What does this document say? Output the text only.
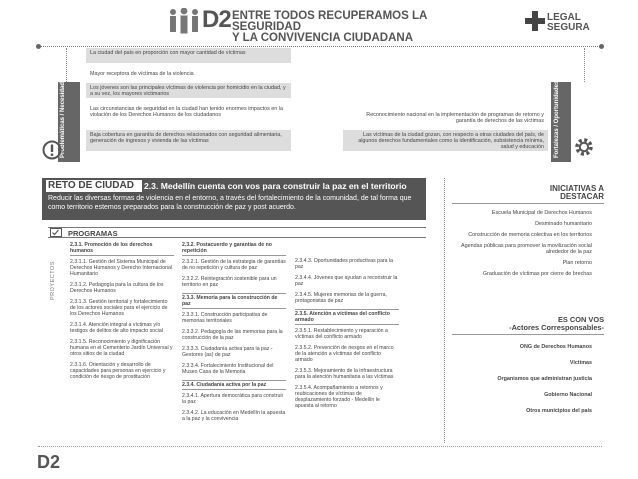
D2 ENTRE TODOS RECUPERAMOS LA SEGURIDAD
Y LA CONVIVENCIA CIUDADANA
LEGAL
SEGURA
La ciudad del país en proporción con mayor cantidad de víctimas
Mayor receptora de víctimas de la violencia
Los jóvenes son las principales víctimas de violencia por homicidio en la ciudad, y a su vez, los mayores victimarios
Las circunstancias de seguridad en la ciudad han tenido enormes impactos en la violación de los Derechos Humanos de los ciudadanos
Baja cobertura en garantía de derechos relacionados con seguridad alimentaria, generación de ingresos y vivienda de las víctimas
Problemáticas / Necesidades	Reconocimiento nacional en la implementación de programas de retorno y garantía de derechos de las víctimas
Las víctimas de la ciudad gozan, con respecto a otras ciudades del país, de algunos derechos fundamentales como la identificación, subsistencia mínima, salud y educación	Fortalezas / Oportunidades
RETO DE CIUDAD	2.3. Medellín cuenta con vos para construir la paz en el territorio
Reducir las diversas formas de violencia en el entorno, a través del fortalecimiento de la comunidad, de tal forma que como territorio estemos preparados para la construcción de paz y post acuerdo.
PROGRAMAS
PROYECTOS
2.3.1. Promoción de los derechos humanos

2.3.1.1. Gestión del Sistema Municipal de Derechos Humanos y Derecho Internacional Humanitario

2.3.1.2. Pedagogía para la cultura de los Derechos Humanos

2.3.1.3. Gestión territorial y fortalecimiento de los actores sociales para el ejercicio de los Derechos Humanos

2.3.1.4. Atención integral a víctimas y/o testigos de delitos de alto impacto social

2.3.1.5. Reconocimiento y dignificación humana en el Cementerio Jardín Universal y otros sitios de la ciudad

2.3.1.6. Orientación y desarrollo de capacidades para personas en ejercicio y condición de riesgo de prostitución

2.3.2. Postacuerdo y garantías de no repetición

2.3.2.1. Gestión de la estrategia de garantías de no repetición y cultura de paz

2.3.2.2. Reintegración sostenible para un territorio en paz

2.3.3. Memoria para la construcción de paz

2.3.3.1. Construcción participativa de memorias territoriales

2.3.3.2. Pedagogía de las memorias para la construcción de la paz

2.3.3.3. Ciudadanía activa para la paz - Gestores (as) de paz

2.3.3.4. Fortalecimiento Institucional del Museo Casa de la Memoria

2.3.4. Ciudadanía activa por la paz

2.3.4.1. Apertura democrática para construir la paz

2.3.4.2. La educación en Medellín la apuesta a la paz y la convivencia

2.3.4.3. Oportunidades productivas para la paz

2.3.4.4. Jóvenes que ayudan a reconstruir la paz

2.3.4.5. Mujeres memorias de la guerra, protagonistas de paz

2.3.5. Atención a víctimas del conflicto armado

2.3.5.1. Restablecimiento y reparación a víctimas del conflicto armado

2.3.5.2. Prevención de riesgos en el marco de la atención a víctimas del conflicto armado

2.3.5.3. Mejoramiento de la infraestructura para la atención humanitaria a las víctimas

2.3.5.4. Acompañamiento a retornos y reubicaciones de víctimas de desplazamiento forzado - Medellín le apuesta al retorno

INICIATIVAS A
DESTACAR

Escuela Municipal de Derechos Humanos

Desminado humanitario

Construcción de memoria colectiva en los territorios

Agendas públicas para promover la movilización social alrededor de la paz

Plan retorno

Graduación de víctimas por cierre de brechas

ES CON VOS
-Actores Corresponsables-

ONG de Derechos Humanos

Víctimas

Organismos que administran justicia

Gobierno Nacional

Otros municipios del país

D2
